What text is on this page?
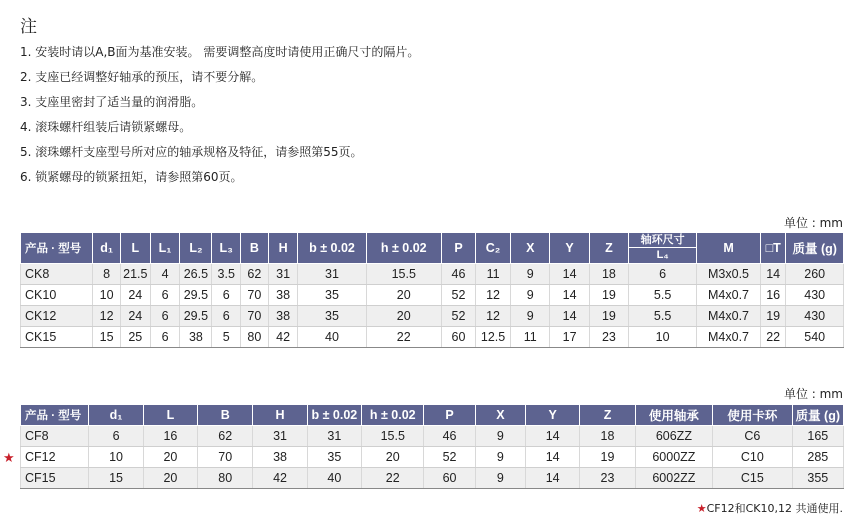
注
1. 安装时请以A,B面为基准安装。 需要调整高度时请使用正确尺寸的隔片。
2. 支座已经调整好轴承的预压，请不要分解。
3. 支座里密封了适当量的润滑脂。
4. 滚珠螺杆组装后请锁紧螺母。
5. 滚珠螺杆支座型号所对应的轴承规格及特征，请参照第55页。
6. 锁紧螺母的锁紧扭矩，请参照第60页。
单位 : mm
产品 · 型号	d₁	L	L₁	L₂	L₃	B	H	b ± 0.02	h ± 0.02	P	C₂	X	Y	Z	轴环尺寸
L₄	M	□T	质量 (g)
CK8	8	21.5	4	26.5	3.5	62	31	31	15.5	46	11	9	14	18	6	M3x0.5	14	260
CK10	10	24	6	29.5	6	70	38	35	20	52	12	9	14	19	5.5	M4x0.7	16	430
CK12	12	24	6	29.5	6	70	38	35	20	52	12	9	14	19	5.5	M4x0.7	19	430
CK15	15	25	6	38	5	80	42	40	22	60	12.5	11	17	23	10	M4x0.7	22	540
单位 : mm
产品 · 型号	d₁	L	B	H	b ± 0.02	h ± 0.02	P	X	Y	Z	使用轴承	使用卡环	质量 (g)
CF8	6	16	62	31	31	15.5	46	9	14	18	606ZZ	C6	165
CF12	10	20	70	38	35	20	52	9	14	19	6000ZZ	C10	285
CF15	15	20	80	42	40	22	60	9	14	23	6002ZZ	C15	355
★
★CF12和CK10,12 共通使用.
